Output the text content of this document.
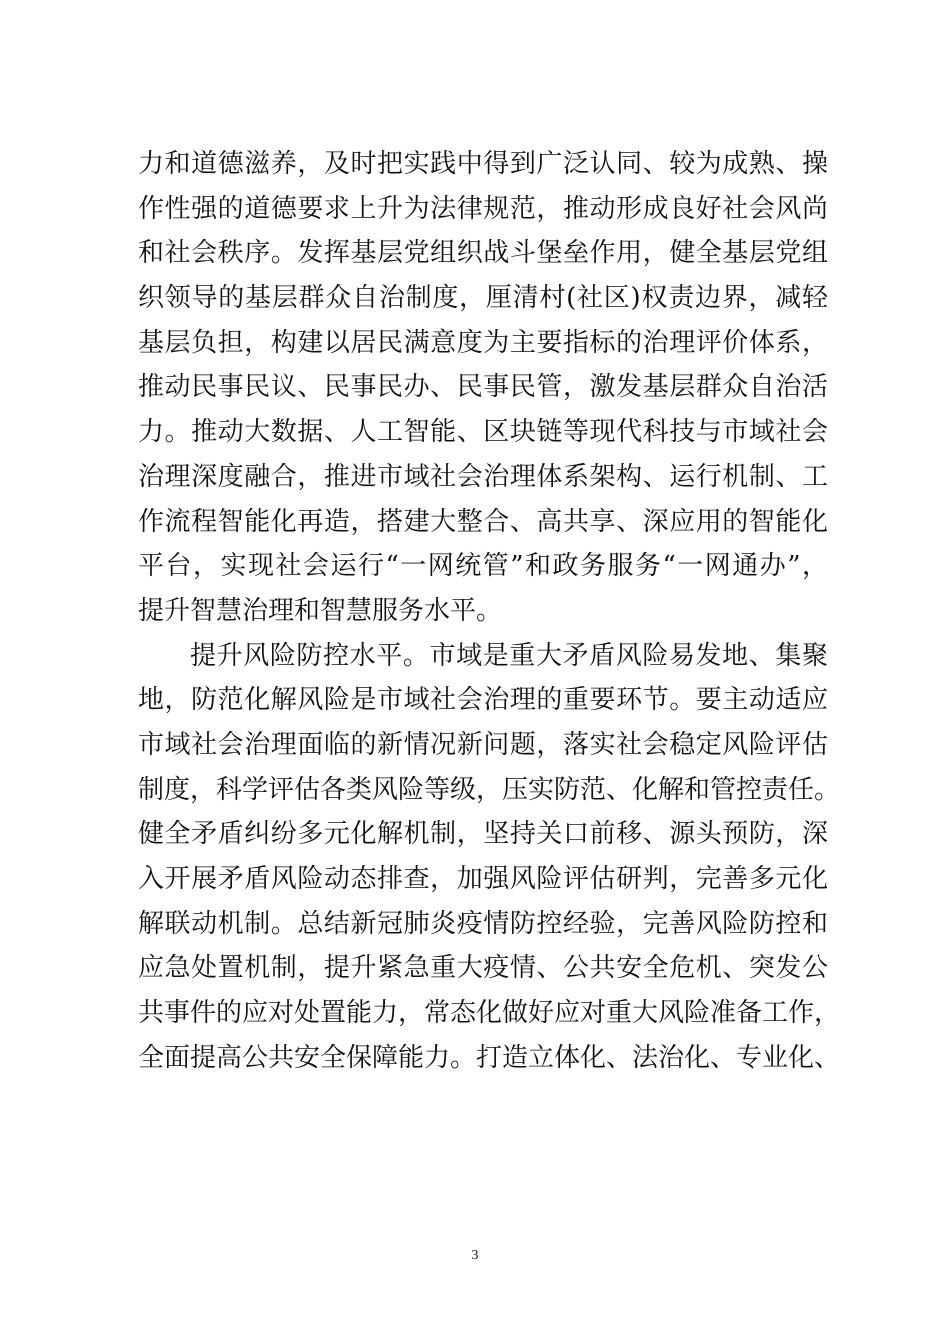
力和道德滋养，及时把实践中得到广泛认同、较为成熟、操
作性强的道德要求上升为法律规范，推动形成良好社会风尚
和社会秩序。发挥基层党组织战斗堡垒作用，健全基层党组
织领导的基层群众自治制度，厘清村(社区)权责边界，减轻
基层负担，构建以居民满意度为主要指标的治理评价体系，
推动民事民议、民事民办、民事民管，激发基层群众自治活
力。推动大数据、人工智能、区块链等现代科技与市域社会
治理深度融合，推进市域社会治理体系架构、运行机制、工
作流程智能化再造，搭建大整合、高共享、深应用的智能化
平台，实现社会运行“一网统管”和政务服务“一网通办”，
提升智慧治理和智慧服务水平。
提升风险防控水平。市域是重大矛盾风险易发地、集聚
地，防范化解风险是市域社会治理的重要环节。要主动适应
市域社会治理面临的新情况新问题，落实社会稳定风险评估
制度，科学评估各类风险等级，压实防范、化解和管控责任。
健全矛盾纠纷多元化解机制，坚持关口前移、源头预防，深
入开展矛盾风险动态排查，加强风险评估研判，完善多元化
解联动机制。总结新冠肺炎疫情防控经验，完善风险防控和
应急处置机制，提升紧急重大疫情、公共安全危机、突发公
共事件的应对处置能力，常态化做好应对重大风险准备工作，
全面提高公共安全保障能力。打造立体化、法治化、专业化、
3
